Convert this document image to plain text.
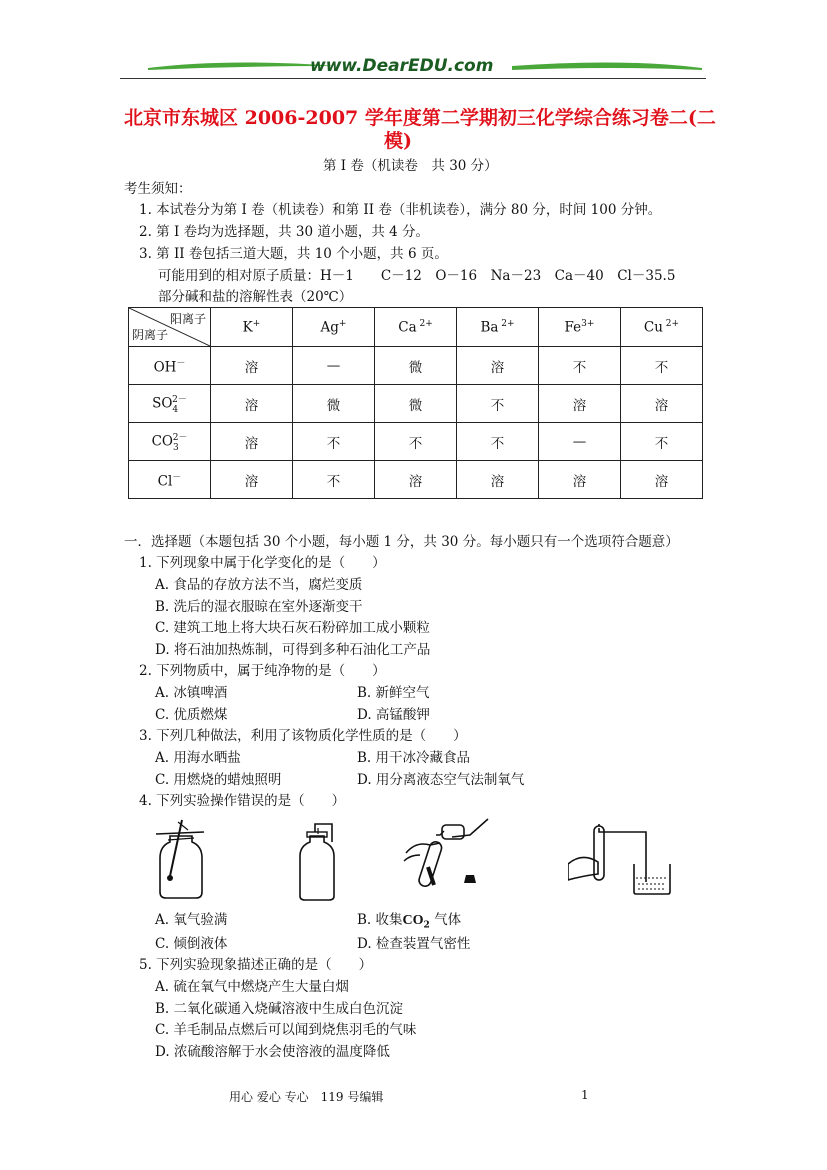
www.DearEDU.com
北京市东城区 2006-2007 学年度第二学期初三化学综合练习卷二(二
模)
第 I 卷（机读卷　共 30 分）
考生须知：
1. 本试卷分为第 I 卷（机读卷）和第 II 卷（非机读卷），满分 80 分，时间 100 分钟。
2. 第 I 卷均为选择题，共 30 道小题，共 4 分。
3. 第 II 卷包括三道大题，共 10 个小题，共 6 页。
可能用到的相对原子质量：H－1　　C－12　O－16　Na－23　Ca－40　Cl－35.5
部分碱和盐的溶解性表（20℃）
阳离子
阴离子	K+	Ag+	Ca $^{2+}$	Ba $^{2+}$	$Fe^{3+}$	Cu $^{2+}$
OH－	溶	—	微	溶	不	不
$SO_4^{2-}$	溶	微	微	不	溶	溶
$CO_3^{2-}$	溶	不	不	不	—	不
Cl－	溶	不	溶	溶	溶	溶
一．选择题（本题包括 30 个小题，每小题 1 分，共 30 分。每小题只有一个选项符合题意）
1. 下列现象中属于化学变化的是（　　）
A. 食品的存放方法不当，腐烂变质
B. 洗后的湿衣服晾在室外逐渐变干
C. 建筑工地上将大块石灰石粉碎加工成小颗粒
D. 将石油加热炼制，可得到多种石油化工产品
2. 下列物质中，属于纯净物的是（　　）
A. 冰镇啤酒	B. 新鲜空气
C. 优质燃煤	D. 高锰酸钾
3. 下列几种做法，利用了该物质化学性质的是（　　）
A. 用海水晒盐	B. 用干冰冷藏食品
C. 用燃烧的蜡烛照明	D. 用分离液态空气法制氧气
4. 下列实验操作错误的是（　　）
A. 氧气验满	B. 收集$CO_2$ 气体
C. 倾倒液体	D. 检查装置气密性
5. 下列实验现象描述正确的是（　　）
A. 硫在氧气中燃烧产生大量白烟
B. 二氧化碳通入烧碱溶液中生成白色沉淀
C. 羊毛制品点燃后可以闻到烧焦羽毛的气味
D. 浓硫酸溶解于水会使溶液的温度降低
用心 爱心 专心　119 号编辑	1
